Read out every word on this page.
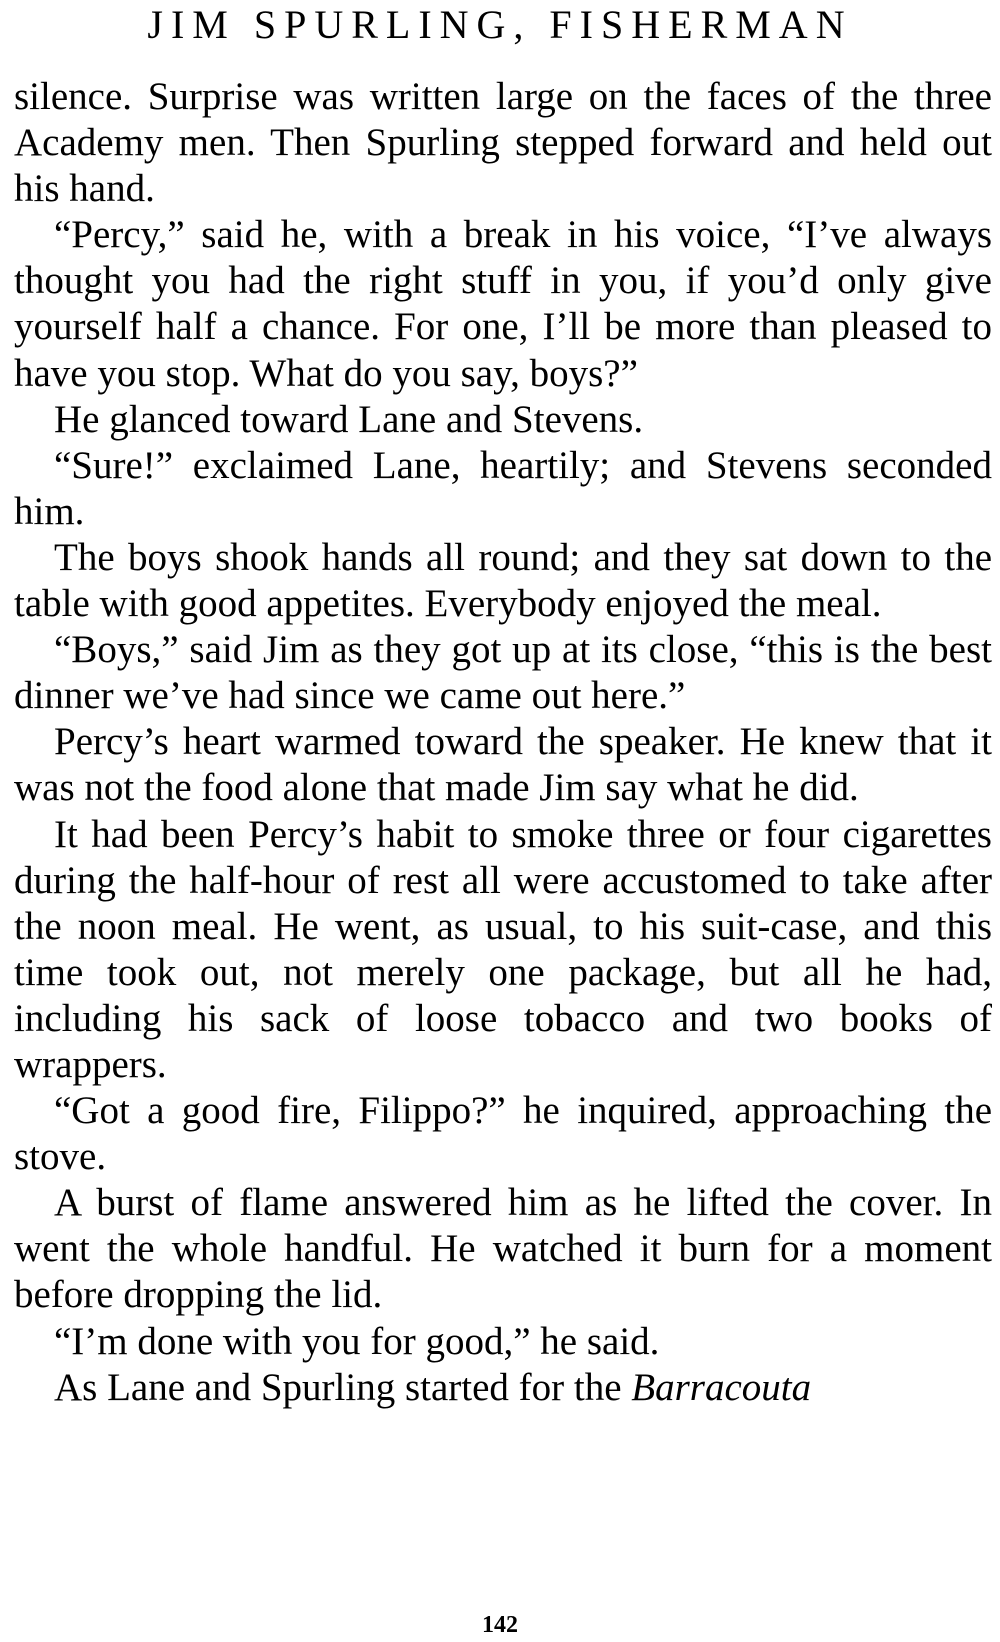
JIM SPURLING, FISHERMAN

silence. Surprise was written large on the faces of the three Academy men. Then Spurling stepped forward and held out his hand.

“Percy,” said he, with a break in his voice, “I’ve always thought you had the right stuff in you, if you’d only give yourself half a chance. For one, I’ll be more than pleased to have you stop. What do you say, boys?”

He glanced toward Lane and Stevens.

“Sure!” exclaimed Lane, heartily; and Stevens seconded him.

The boys shook hands all round; and they sat down to the table with good appetites. Everybody enjoyed the meal.

“Boys,” said Jim as they got up at its close, “this is the best dinner we’ve had since we came out here.”

Percy’s heart warmed toward the speaker. He knew that it was not the food alone that made Jim say what he did.

It had been Percy’s habit to smoke three or four cigarettes during the half-hour of rest all were accustomed to take after the noon meal. He went, as usual, to his suit-case, and this time took out, not merely one package, but all he had, including his sack of loose tobacco and two books of wrappers.

“Got a good fire, Filippo?” he inquired, approaching the stove.

A burst of flame answered him as he lifted the cover. In went the whole handful. He watched it burn for a moment before dropping the lid.

“I’m done with you for good,” he said.

As Lane and Spurling started for the Barracouta

142
